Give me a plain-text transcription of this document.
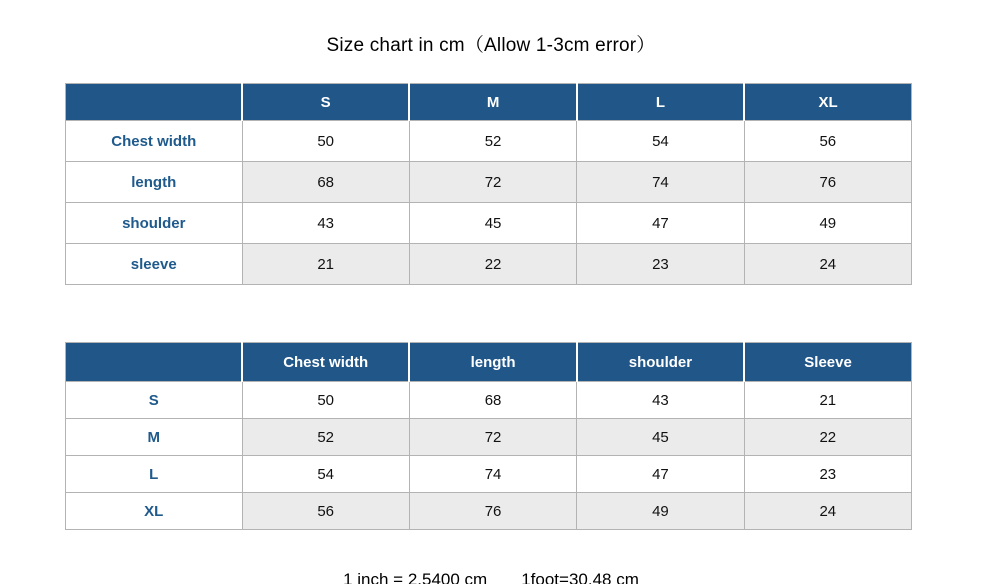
Size chart in cm（Allow 1-3cm error）
	S	M	L	XL
Chest width	50	52	54	56
length	68	72	74	76
shoulder	43	45	47	49
sleeve	21	22	23	24
	Chest width	length	shoulder	Sleeve
S	50	68	43	21
M	52	72	45	22
L	54	74	47	23
XL	56	76	49	24

1 inch = 2.5400 cm 1foot=30.48 cm
